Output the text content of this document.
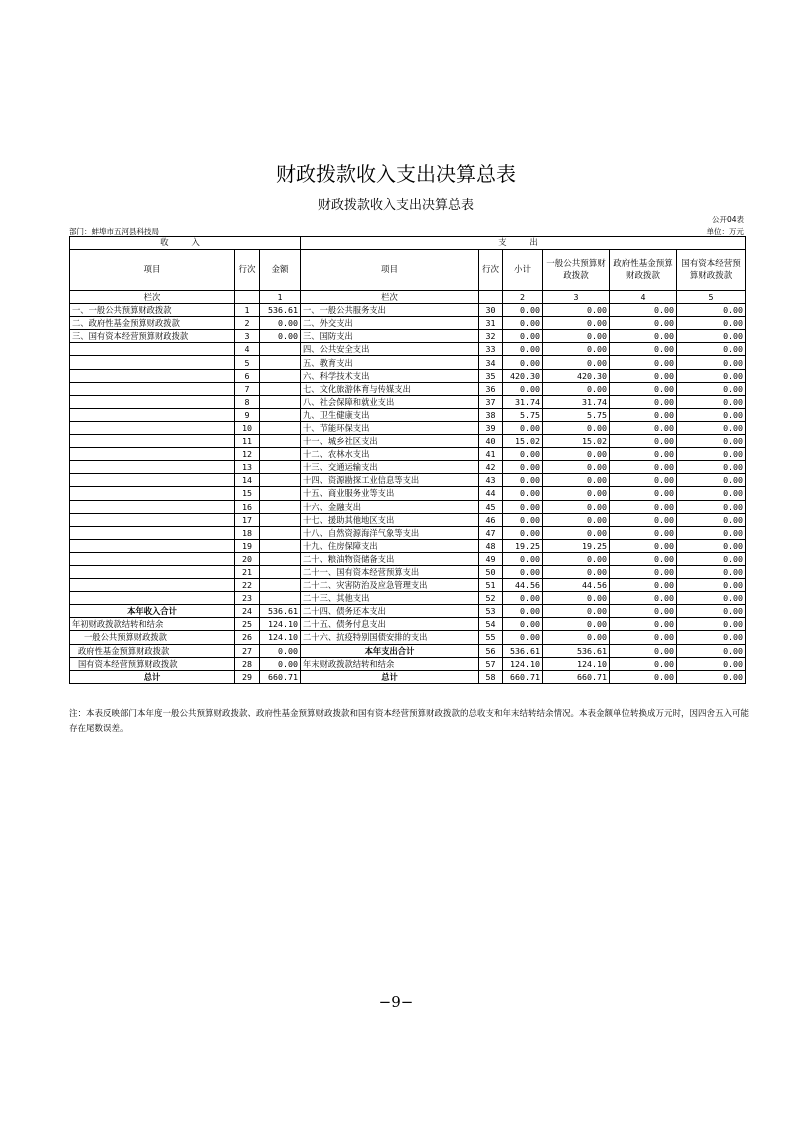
财政拨款收入支出决算总表
财政拨款收入支出决算总表
公开04表
部门：蚌埠市五河县科技局	单位：万元
收 入			支 出					
项目	行次	金额	项目	行次	小计	一般公共预算财政拨款	政府性基金预算财政拨款	国有资本经营预算财政拨款
栏次		1	栏次		2	3	4	5
一、一般公共预算财政拨款	1	536.61	一、一般公共服务支出	30	0.00	0.00	0.00	0.00
二、政府性基金预算财政拨款	2	0.00	二、外交支出	31	0.00	0.00	0.00	0.00
三、国有资本经营预算财政拨款	3	0.00	三、国防支出	32	0.00	0.00	0.00	0.00
	4		四、公共安全支出	33	0.00	0.00	0.00	0.00
	5		五、教育支出	34	0.00	0.00	0.00	0.00
	6		六、科学技术支出	35	420.30	420.30	0.00	0.00
	7		七、文化旅游体育与传媒支出	36	0.00	0.00	0.00	0.00
	8		八、社会保障和就业支出	37	31.74	31.74	0.00	0.00
	9		九、卫生健康支出	38	5.75	5.75	0.00	0.00
	10		十、节能环保支出	39	0.00	0.00	0.00	0.00
	11		十一、城乡社区支出	40	15.02	15.02	0.00	0.00
	12		十二、农林水支出	41	0.00	0.00	0.00	0.00
	13		十三、交通运输支出	42	0.00	0.00	0.00	0.00
	14		十四、资源勘探工业信息等支出	43	0.00	0.00	0.00	0.00
	15		十五、商业服务业等支出	44	0.00	0.00	0.00	0.00
	16		十六、金融支出	45	0.00	0.00	0.00	0.00
	17		十七、援助其他地区支出	46	0.00	0.00	0.00	0.00
	18		十八、自然资源海洋气象等支出	47	0.00	0.00	0.00	0.00
	19		十九、住房保障支出	48	19.25	19.25	0.00	0.00
	20		二十、粮油物资储备支出	49	0.00	0.00	0.00	0.00
	21		二十一、国有资本经营预算支出	50	0.00	0.00	0.00	0.00
	22		二十二、灾害防治及应急管理支出	51	44.56	44.56	0.00	0.00
	23		二十三、其他支出	52	0.00	0.00	0.00	0.00
本年收入合计	24	536.61	二十四、债务还本支出	53	0.00	0.00	0.00	0.00
年初财政拨款结转和结余	25	124.10	二十五、债务付息支出	54	0.00	0.00	0.00	0.00
一般公共预算财政拨款	26	124.10	二十六、抗疫特别国债安排的支出	55	0.00	0.00	0.00	0.00
政府性基金预算财政拨款	27	0.00	本年支出合计	56	536.61	536.61	0.00	0.00
国有资本经营预算财政拨款	28	0.00	年末财政拨款结转和结余	57	124.10	124.10	0.00	0.00
总计	29	660.71	总计	58	660.71	660.71	0.00	0.00
注：本表反映部门本年度一般公共预算财政拨款、政府性基金预算财政拨款和国有资本经营预算财政拨款的总收支和年末结转结余情况。本表金额单位转换成万元时，因四舍五入可能存在尾数误差。
−9−
